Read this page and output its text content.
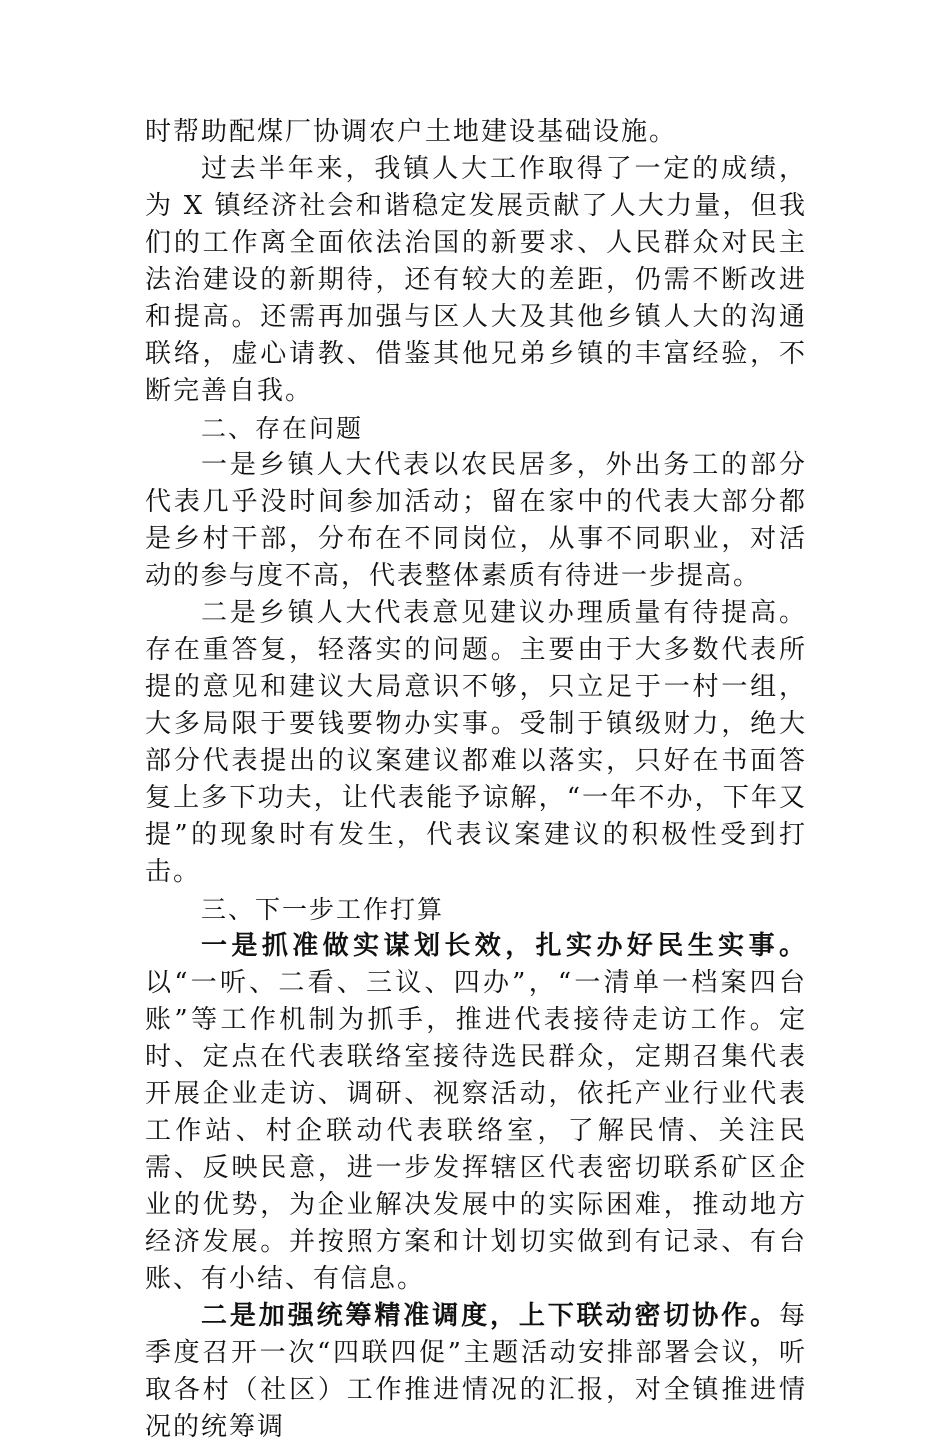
时帮助配煤厂协调农户土地建设基础设施。

过去半年来，我镇人大工作取得了一定的成绩，为 X 镇经济社会和谐稳定发展贡献了人大力量，但我们的工作离全面依法治国的新要求、人民群众对民主法治建设的新期待，还有较大的差距，仍需不断改进和提高。还需再加强与区人大及其他乡镇人大的沟通联络，虚心请教、借鉴其他兄弟乡镇的丰富经验，不断完善自我。

二、存在问题

一是乡镇人大代表以农民居多，外出务工的部分代表几乎没时间参加活动；留在家中的代表大部分都是乡村干部，分布在不同岗位，从事不同职业，对活动的参与度不高，代表整体素质有待进一步提高。

二是乡镇人大代表意见建议办理质量有待提高。存在重答复，轻落实的问题。主要由于大多数代表所提的意见和建议大局意识不够，只立足于一村一组，大多局限于要钱要物办实事。受制于镇级财力，绝大部分代表提出的议案建议都难以落实，只好在书面答复上多下功夫，让代表能予谅解，“一年不办，下年又提”的现象时有发生，代表议案建议的积极性受到打击。

三、下一步工作打算

一是抓准做实谋划长效，扎实办好民生实事。以“一听、二看、三议、四办”，“一清单一档案四台账”等工作机制为抓手，推进代表接待走访工作。定时、定点在代表联络室接待选民群众，定期召集代表开展企业走访、调研、视察活动，依托产业行业代表工作站、村企联动代表联络室，了解民情、关注民需、反映民意，进一步发挥辖区代表密切联系矿区企业的优势，为企业解决发展中的实际困难，推动地方经济发展。并按照方案和计划切实做到有记录、有台账、有小结、有信息。

二是加强统筹精准调度，上下联动密切协作。每季度召开一次“四联四促”主题活动安排部署会议，听取各村（社区）工作推进情况的汇报，对全镇推进情况的统筹调
